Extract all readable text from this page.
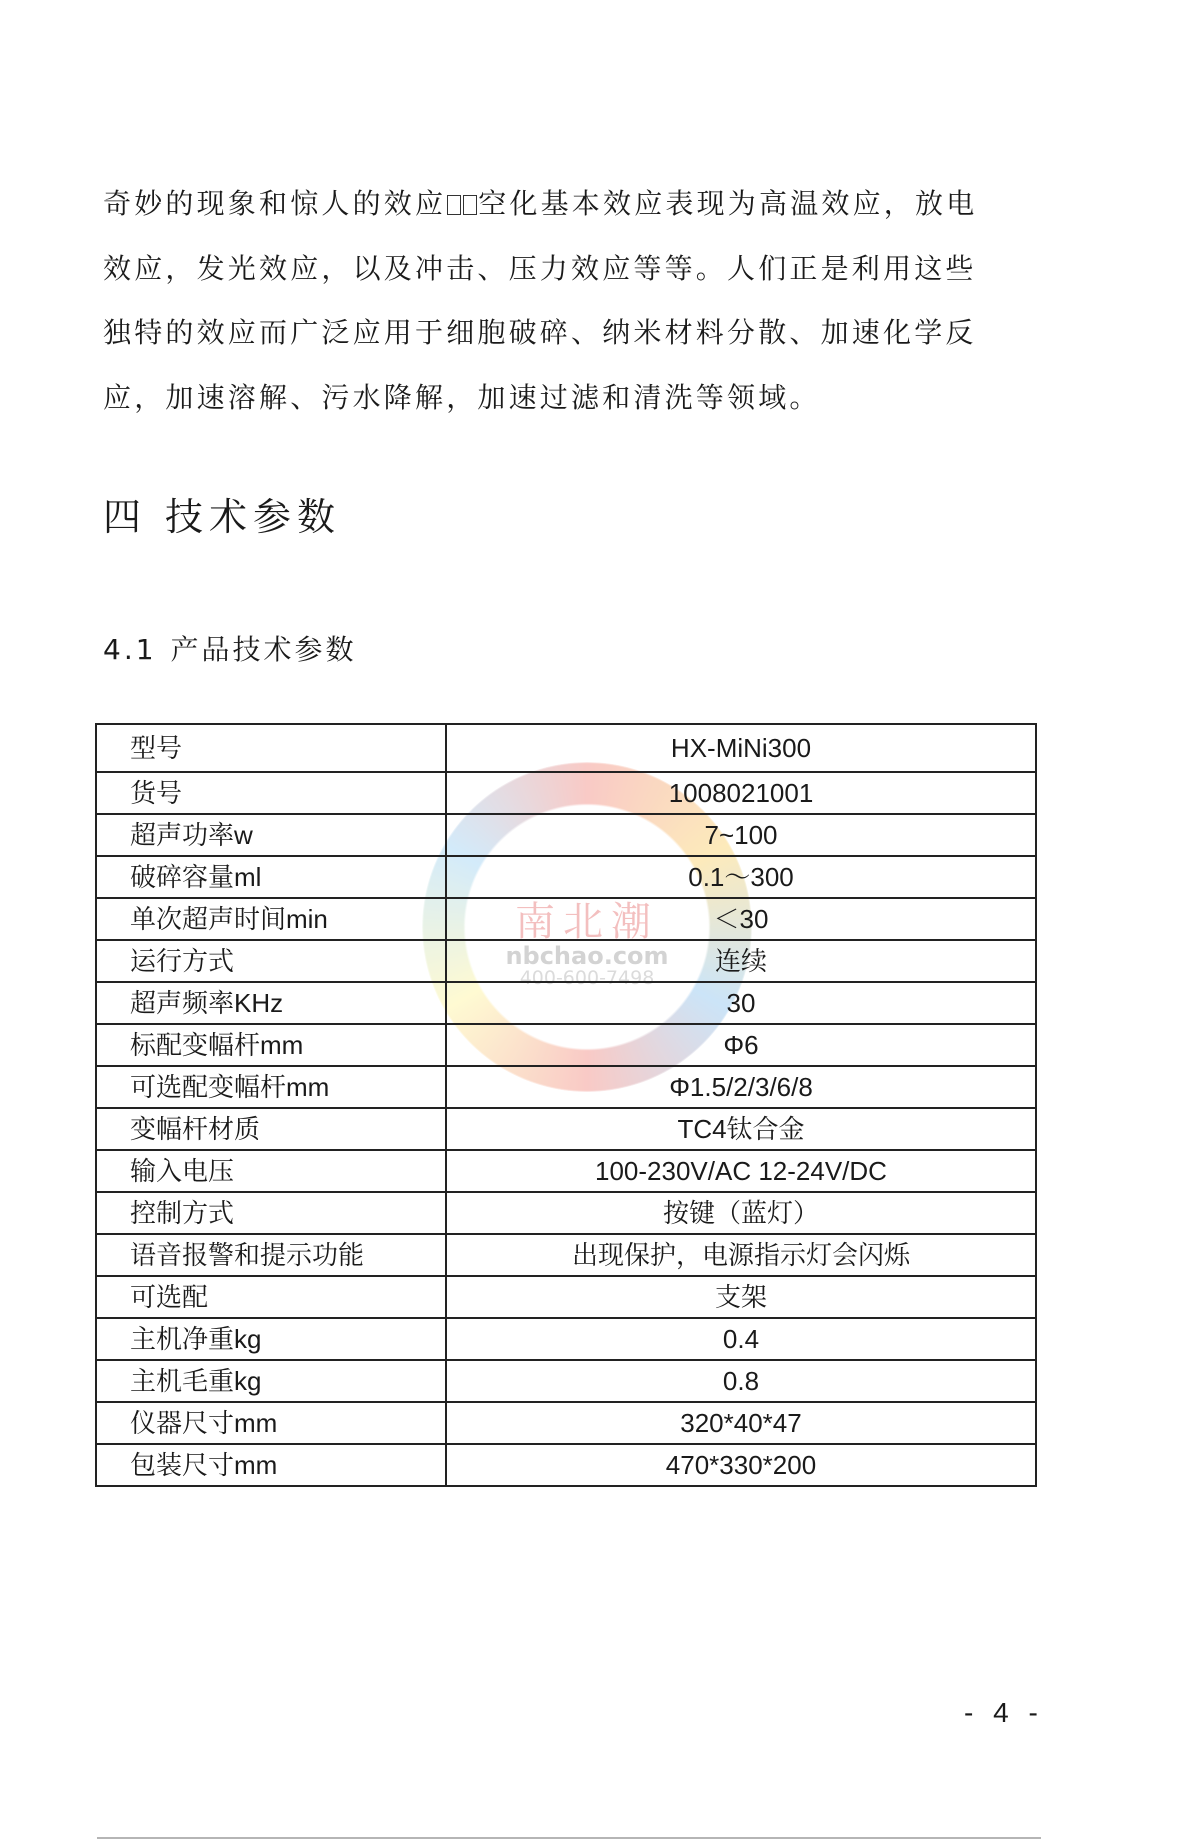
奇妙的现象和惊人的效应 空化基本效应表现为高温效应，放电
效应，发光效应，以及冲击、压力效应等等。人们正是利用这些
独特的效应而广泛应用于细胞破碎、纳米材料分散、加速化学反
应，加速溶解、污水降解，加速过滤和清洗等领域。
四 技术参数
4.1 产品技术参数
型号	HX-MiNi300
货号	1008021001
超声功率w	7~100
破碎容量ml	0.1～300
单次超声时间min	＜30
运行方式	连续
超声频率KHz	30
标配变幅杆mm	Φ6
可选配变幅杆mm	Φ1.5/2/3/6/8
变幅杆材质	TC4钛合金
输入电压	100-230V/AC 12-24V/DC
控制方式	按键（蓝灯）
语音报警和提示功能	出现保护，电源指示灯会闪烁
可选配	支架
主机净重kg	0.4
主机毛重kg	0.8
仪器尺寸mm	320*40*47
包装尺寸mm	470*330*200
南北潮
nbchao.com
400-600-7498
- 4 -
